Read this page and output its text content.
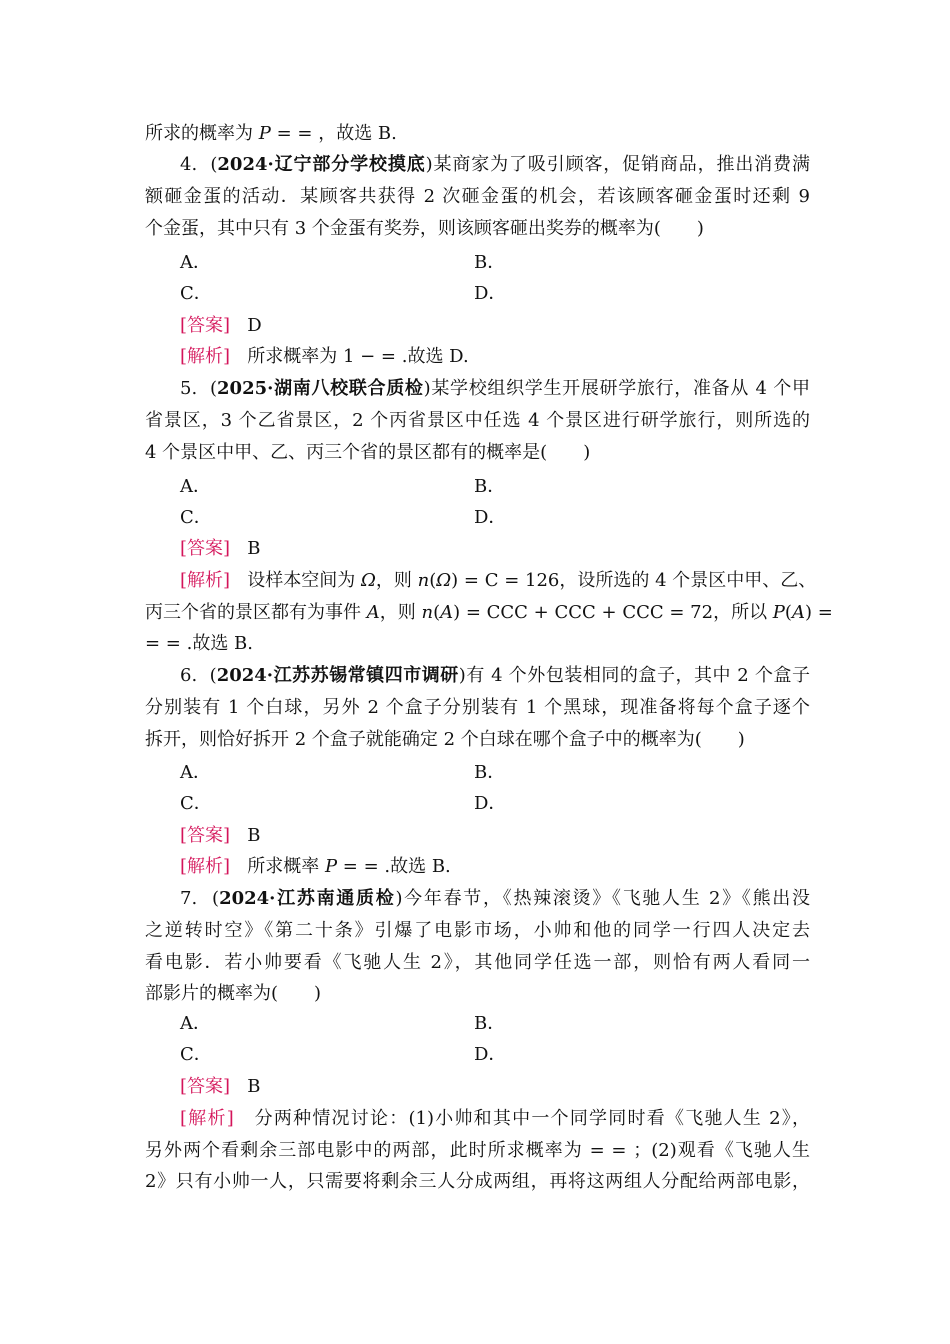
所求的概率为 P = = ，故选 B.
4.  (2024·辽宁部分学校摸底)某商家为了吸引顾客，促销商品，推出消费满
额砸金蛋的活动．某顾客共获得 2 次砸金蛋的机会，若该顾客砸金蛋时还剩 9
个金蛋，其中只有 3 个金蛋有奖券，则该顾客砸出奖券的概率为(　　)
A．	B．
C．	D．
[答案] D
[解析] 所求概率为 1 − = .故选 D.
5.  (2025·湖南八校联合质检)某学校组织学生开展研学旅行，准备从 4 个甲
省景区，3 个乙省景区，2 个丙省景区中任选 4 个景区进行研学旅行，则所选的
4 个景区中甲、乙、丙三个省的景区都有的概率是(　　)
A．	B．
C．	D．
[答案] B
[解析]   设样本空间为 Ω，则 n(Ω) = C = 126，设所选的 4 个景区中甲、乙、
丙三个省的景区都有为事件 A，则 n(A) = CCC + CCC + CCC = 72，所以 P(A) =
= = .故选 B.
6.  (2024·江苏苏锡常镇四市调研)有 4 个外包装相同的盒子，其中 2 个盒子
分别装有 1 个白球，另外 2 个盒子分别装有 1 个黑球，现准备将每个盒子逐个
拆开，则恰好拆开 2 个盒子就能确定 2 个白球在哪个盒子中的概率为(　　)
A．	B．
C．	D．
[答案] B
[解析]   所求概率 P = = .故选 B.
7.  (2024·江苏南通质检)今年春节，《热辣滚烫》《飞驰人生 2》《熊出没
之逆转时空》《第二十条》引爆了电影市场，小帅和他的同学一行四人决定去
看电影．若小帅要看《飞驰人生 2》，其他同学任选一部，则恰有两人看同一
部影片的概率为(　　)
A．	B．
C．	D．
[答案] B
[解析] 分两种情况讨论：(1)小帅和其中一个同学同时看《飞驰人生 2》，
另外两个看剩余三部电影中的两部，此时所求概率为 = = ；(2)观看《飞驰人生
2》只有小帅一人，只需要将剩余三人分成两组，再将这两组人分配给两部电影，
